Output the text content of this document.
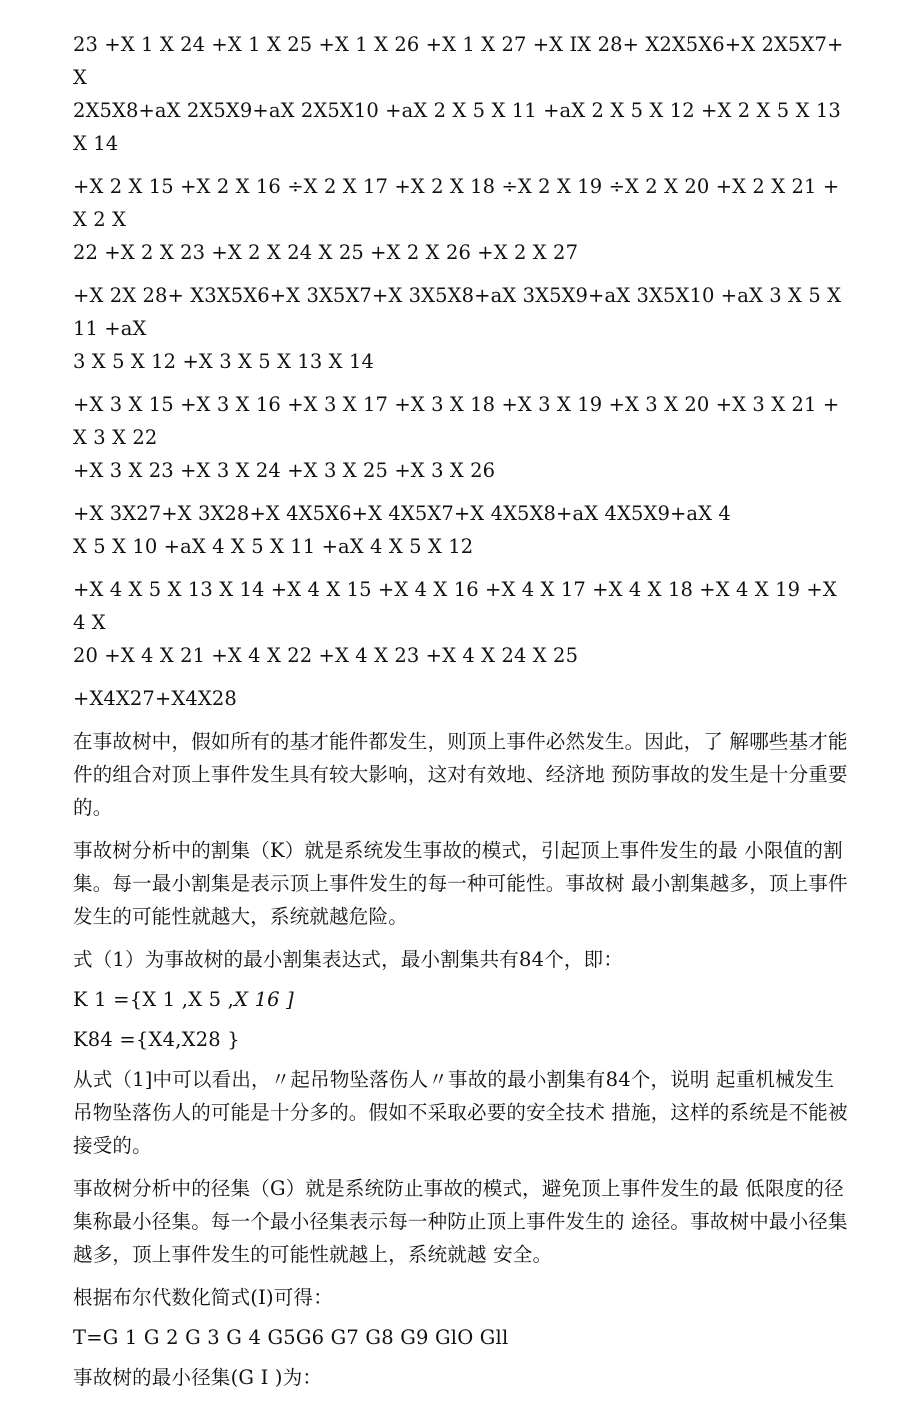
23 +X 1 X 24 +X 1 X 25 +X 1 X 26 +X 1 X 27 +X IX 28+ X2X5X6+X 2X5X7+X
2X5X8+aX 2X5X9+aX 2X5X10 +aX 2 X 5 X 11 +aX 2 X 5 X 12 +X 2 X 5 X 13 X 14

+X 2 X 15 +X 2 X 16 ÷X 2 X 17 +X 2 X 18 ÷X 2 X 19 ÷X 2 X 20 +X 2 X 21 +X 2 X
22 +X 2 X 23 +X 2 X 24 X 25 +X 2 X 26 +X 2 X 27

+X 2X 28+ X3X5X6+X 3X5X7+X 3X5X8+aX 3X5X9+aX 3X5X10 +aX 3 X 5 X 11 +aX
3 X 5 X 12 +X 3 X 5 X 13 X 14

+X 3 X 15 +X 3 X 16 +X 3 X 17 +X 3 X 18 +X 3 X 19 +X 3 X 20 +X 3 X 21 +X 3 X 22
+X 3 X 23 +X 3 X 24 +X 3 X 25 +X 3 X 26

+X 3X27+X 3X28+X 4X5X6+X 4X5X7+X 4X5X8+aX 4X5X9+aX 4
X 5 X 10 +aX 4 X 5 X 11 +aX 4 X 5 X 12

+X 4 X 5 X 13 X 14 +X 4 X 15 +X 4 X 16 +X 4 X 17 +X 4 X 18 +X 4 X 19 +X 4 X
20 +X 4 X 21 +X 4 X 22 +X 4 X 23 +X 4 X 24 X 25

+X4X27+X4X28

在事故树中，假如所有的基才能件都发生，则顶上事件必然发生。因此，了 解哪些基才能件的组合对顶上事件发生具有较大影响，这对有效地、经济地 预防事故的发生是十分重要的。

事故树分析中的割集（K）就是系统发生事故的模式，引起顶上事件发生的最 小限值的割集。每一最小割集是表示顶上事件发生的每一种可能性。事故树 最小割集越多，顶上事件发生的可能性就越大，系统就越危险。

式（1）为事故树的最小割集表达式，最小割集共有84个，即：

K 1 ={X 1 ,X 5 ,X 16 ]

K84 ={X4,X28 }

从式（1]中可以看出，〃起吊物坠落伤人〃事故的最小割集有84个，说明 起重机械发生吊物坠落伤人的可能是十分多的。假如不采取必要的安全技术 措施，这样的系统是不能被接受的。

事故树分析中的径集（G）就是系统防止事故的模式，避免顶上事件发生的最 低限度的径集称最小径集。每一个最小径集表示每一种防止顶上事件发生的 途径。事故树中最小径集越多，顶上事件发生的可能性就越上，系统就越 安全。

根据布尔代数化简式(I)可得：

T=G 1 G 2 G 3 G 4 G5G6 G7 G8 G9 GlO Gll

事故树的最小径集(G I )为：
